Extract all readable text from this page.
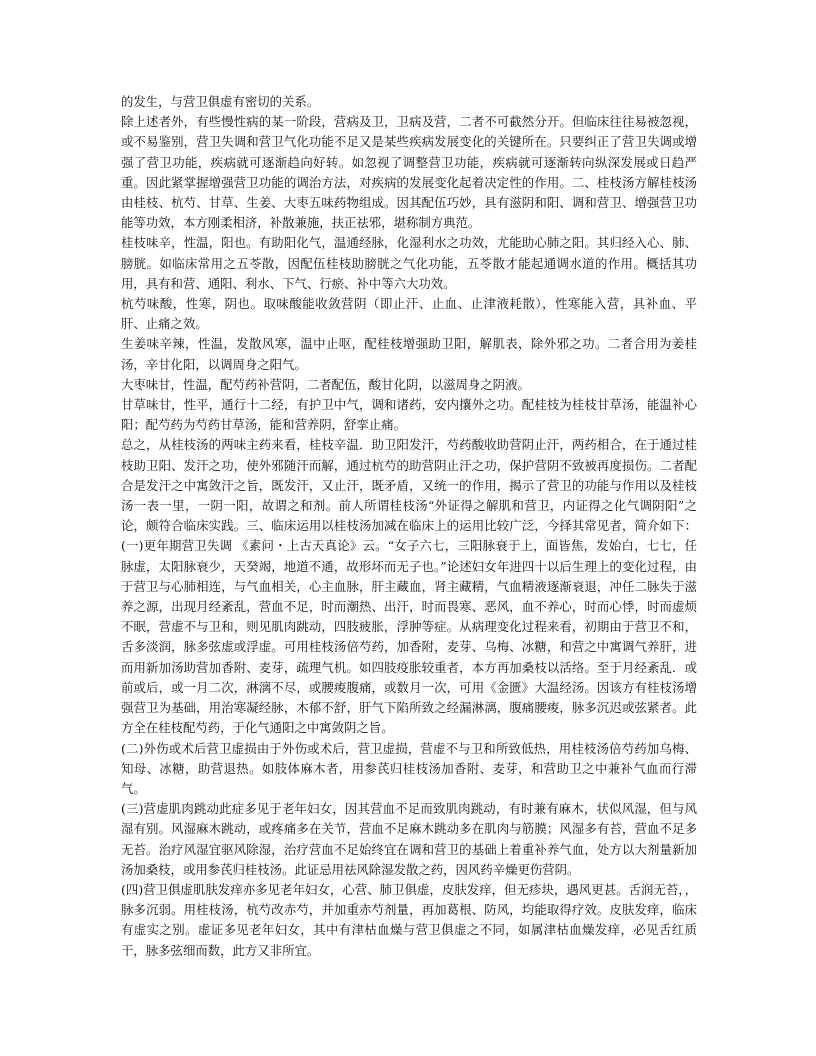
的发生，与营卫俱虚有密切的关系。

除上述者外，有些慢性病的某一阶段，营病及卫，卫病及营，二者不可截然分开。但临床往往易被忽视，或不易鉴别，营卫失调和营卫气化功能不足又是某些疾病发展变化的关键所在。只要纠正了营卫失调或增强了营卫功能，疾病就可逐渐趋向好转。如忽视了调整营卫功能，疾病就可逐渐转向纵深发展或日趋严重。因此紧掌握增强营卫功能的调治方法，对疾病的发展变化起着决定性的作用。二、桂枝汤方解桂枝汤由桂枝、杭芍、甘草、生姜、大枣五味药物组成。因其配伍巧妙，具有滋阴和阳、调和营卫、增强营卫功能等功效，本方刚柔相济，补散兼施，扶正祛邪，堪称制方典范。

桂枝味辛，性温，阳也。有助阳化气，温通经脉，化湿利水之功效，尤能助心肺之阳。其归经入心、肺、膀胱。如临床常用之五苓散，因配伍桂枝助膀胱之气化功能，五苓散才能起通调水道的作用。概括其功用，具有和营、通阳、利水、下气、行瘀、补中等六大功效。

杭芍味酸，性寒，阴也。取味酸能收敛营阴（即止汗、止血、止津液耗散），性寒能入营，具补血、平肝、止痛之效。

生姜味辛辣，性温，发散风寒，温中止呕，配桂枝增强助卫阳，解肌表，除外邪之功。二者合用为姜桂汤，辛甘化阳，以调周身之阳气。

大枣味甘，性温，配芍药补营阴，二者配伍，酸甘化阴，以滋周身之阴液。

甘草味甘，性平，通行十二经，有护卫中气，调和诸药，安内攘外之功。配桂枝为桂枝甘草汤，能温补心阳；配芍药为芍药甘草汤，能和营养阴，舒挛止痛。

总之，从桂枝汤的两味主药来看，桂枝辛温．助卫阳发汗，芍药酸收助营阴止汗，两药相合，在于通过桂枝助卫阳、发汗之功，使外邪随汗而解，通过杭芍的助营阴止汗之功，保护营阴不致被再度损伤。二者配合是发汗之中寓敛汗之旨，既发汗，又止汗，既矛盾，又统一的作用，揭示了营卫的功能与作用以及桂枝汤一表一里，一阴一阳，故谓之和剂。前人所谓桂枝汤“外证得之解肌和营卫，内证得之化气调阴阳”之论，颇符合临床实践。三、临床运用以桂枝汤加减在临床上的运用比较广泛，今择其常见者，简介如下：(一)更年期营卫失调 《素问・上古天真论》云。“女子六七，三阳脉衰于上，面皆焦，发始白，七七，任脉虚，太阳脉衰少，天癸竭，地道不通，故形坏而无子也。”论述妇女年进四十以后生理上的变化过程，由于营卫与心肺相连，与气血相关，心主血脉，肝主藏血，肾主藏精，气血精液逐渐衰退，冲任二脉失于滋养之源，出现月经紊乱，营血不足，时而潮热、出汗，时而畏寒、恶风，血不养心，时而心悸，时而虚烦不眠，营虚不与卫和，则见肌肉跳动，四肢疲胀，浮肿等症。从病理变化过程来看，初期由于营卫不和，舌多淡润，脉多弦虚或浮虚。可用桂枝汤倍芍药，加香附，麦芽、乌梅、冰糖，和营之中寓调气养肝，进而用新加汤助营加香附、麦芽，疏理气机。如四肢疫胀较重者，本方再加桑枝以活络。至于月经紊乱．或前或后，或一月二次，淋漓不尽，或腰痠腹痛，或数月一次，可用《金匮》大温经汤。因该方有桂枝汤增强营卫为基础，用治寒凝经脉，木郁不舒，肝气下陷所致之经漏淋漓，腹痛腰痠，脉多沉迟或弦紧者。此方全在桂枝配芍药，于化气通阳之中寓敛阴之旨。

(二)外伤或术后营卫虚损由于外伤或术后，营卫虚损，营虚不与卫和所致低热，用桂枝汤倍芍药加乌梅、知母、冰糖，助营退热。如肢体麻木者，用参芪归桂枝汤加香附、麦芽，和营助卫之中兼补气血而行滞气。

(三)营虚肌肉跳动此症多见于老年妇女，因其营血不足而致肌肉跳动，有时兼有麻木，状似风湿，但与风湿有别。风湿麻木跳动，或疼痛多在关节，营血不足麻木跳动多在肌肉与筋膜；风湿多有苔，营血不足多无苔。治疗风湿宜驱风除湿，治疗营血不足始终宜在调和营卫的基础上着重补养气血，处方以大剂量新加汤加桑枝，或用参芪归桂枝汤。此证忌用祛风除湿发散之药，因风药辛燥更伤营阴。

(四)营卫俱虚肌肤发痒亦多见老年妇女，心营、肺卫俱虚，皮肤发痒，但无疹块，遇风更甚。舌润无苔，，脉多沉弱。用桂枝汤，杭芍改赤芍，并加重赤芍剂量，再加葛根、防风，均能取得疗效。皮肤发痒，临床有虚实之别。虚证多见老年妇女，其中有津枯血燥与营卫俱虚之不同，如属津枯血燥发痒，必见舌红质干，脉多弦细而数，此方又非所宜。
